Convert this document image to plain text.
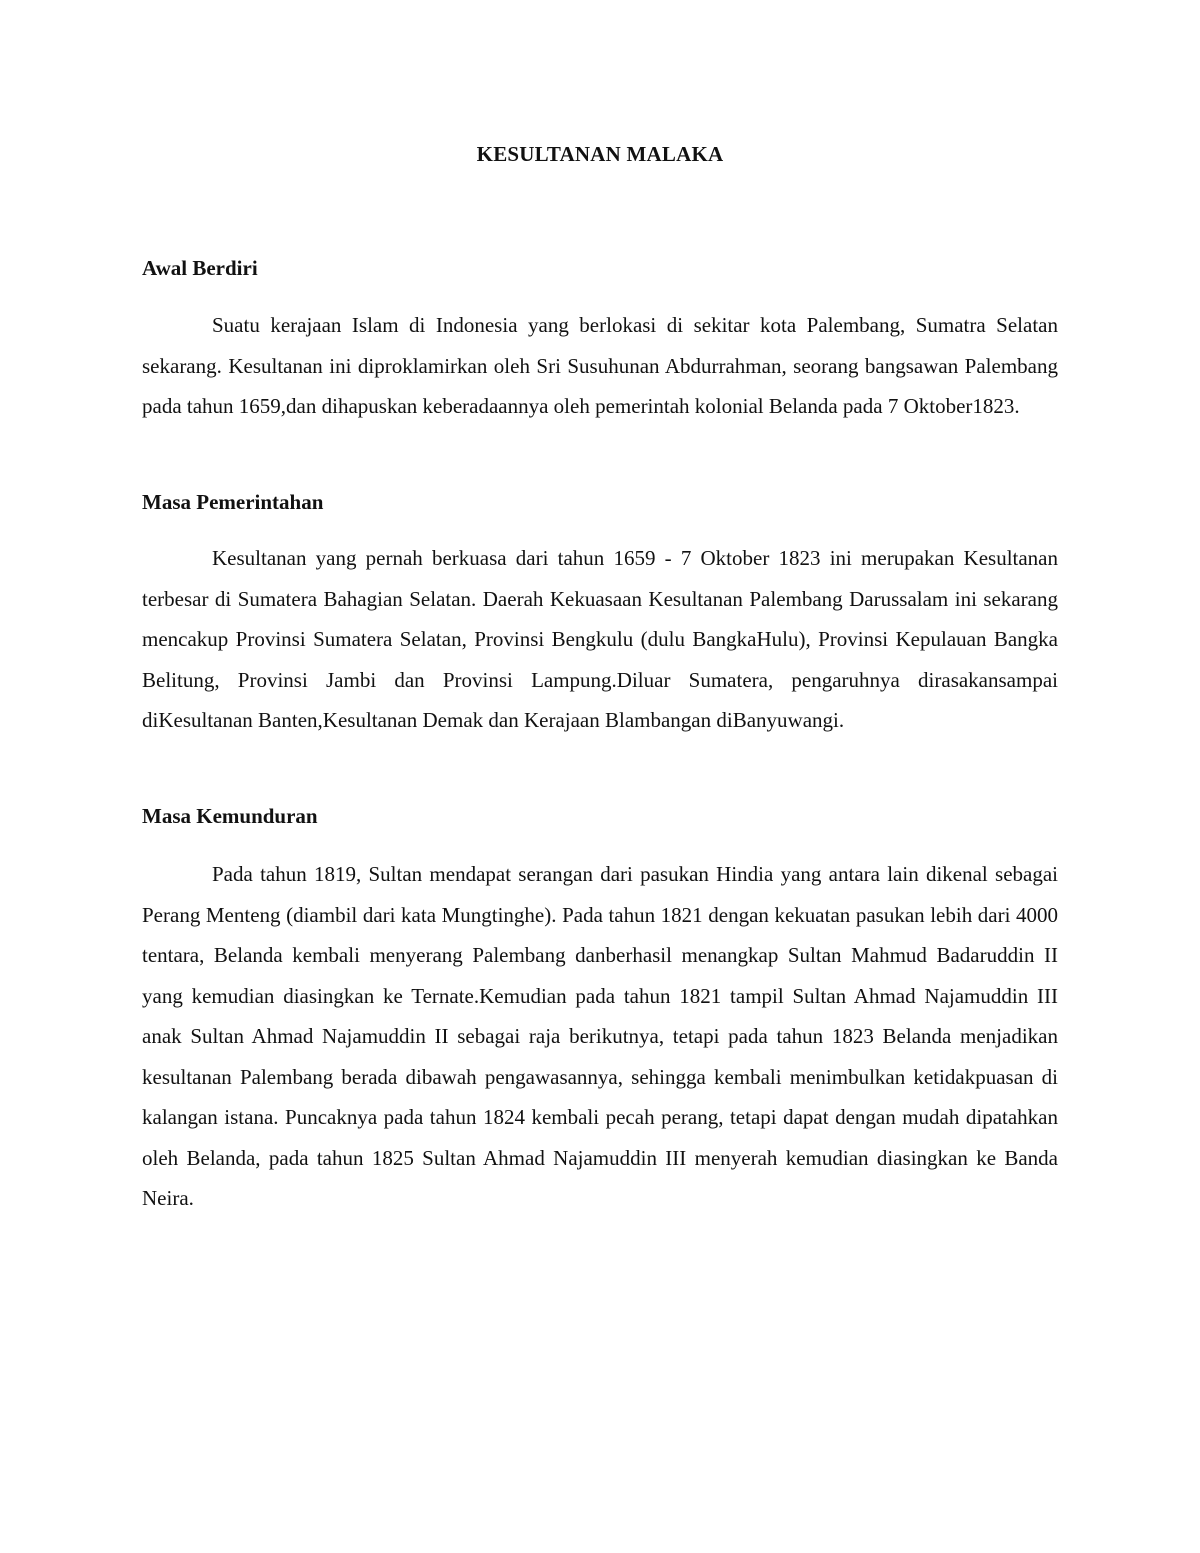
KESULTANAN MALAKA
Awal Berdiri

Suatu kerajaan Islam di Indonesia yang berlokasi di sekitar kota Palembang, Sumatra Selatan sekarang. Kesultanan ini diproklamirkan oleh Sri Susuhunan Abdurrahman, seorang bangsawan Palembang pada tahun 1659,dan dihapuskan keberadaannya oleh pemerintah kolonial Belanda pada 7 Oktober1823.

Masa Pemerintahan

Kesultanan yang pernah berkuasa dari tahun 1659 - 7 Oktober 1823 ini merupakan Kesultanan terbesar di Sumatera Bahagian Selatan. Daerah Kekuasaan Kesultanan Palembang Darussalam ini sekarang mencakup Provinsi Sumatera Selatan, Provinsi Bengkulu (dulu BangkaHulu), Provinsi Kepulauan Bangka Belitung, Provinsi Jambi dan Provinsi Lampung.Diluar Sumatera, pengaruhnya dirasakansampai diKesultanan Banten,Kesultanan Demak dan Kerajaan Blambangan diBanyuwangi.

Masa Kemunduran

Pada tahun 1819, Sultan mendapat serangan dari pasukan Hindia yang antara lain dikenal sebagai Perang Menteng (diambil dari kata Mungtinghe). Pada tahun 1821 dengan kekuatan pasukan lebih dari 4000 tentara, Belanda kembali menyerang Palembang danberhasil menangkap Sultan Mahmud Badaruddin II yang kemudian diasingkan ke Ternate.Kemudian pada tahun 1821 tampil Sultan Ahmad Najamuddin III anak Sultan Ahmad Najamuddin II sebagai raja berikutnya, tetapi pada tahun 1823 Belanda menjadikan kesultanan Palembang berada dibawah pengawasannya, sehingga kembali menimbulkan ketidakpuasan di kalangan istana. Puncaknya pada tahun 1824 kembali pecah perang, tetapi dapat dengan mudah dipatahkan oleh Belanda, pada tahun 1825 Sultan Ahmad Najamuddin III menyerah kemudian diasingkan ke Banda Neira.
